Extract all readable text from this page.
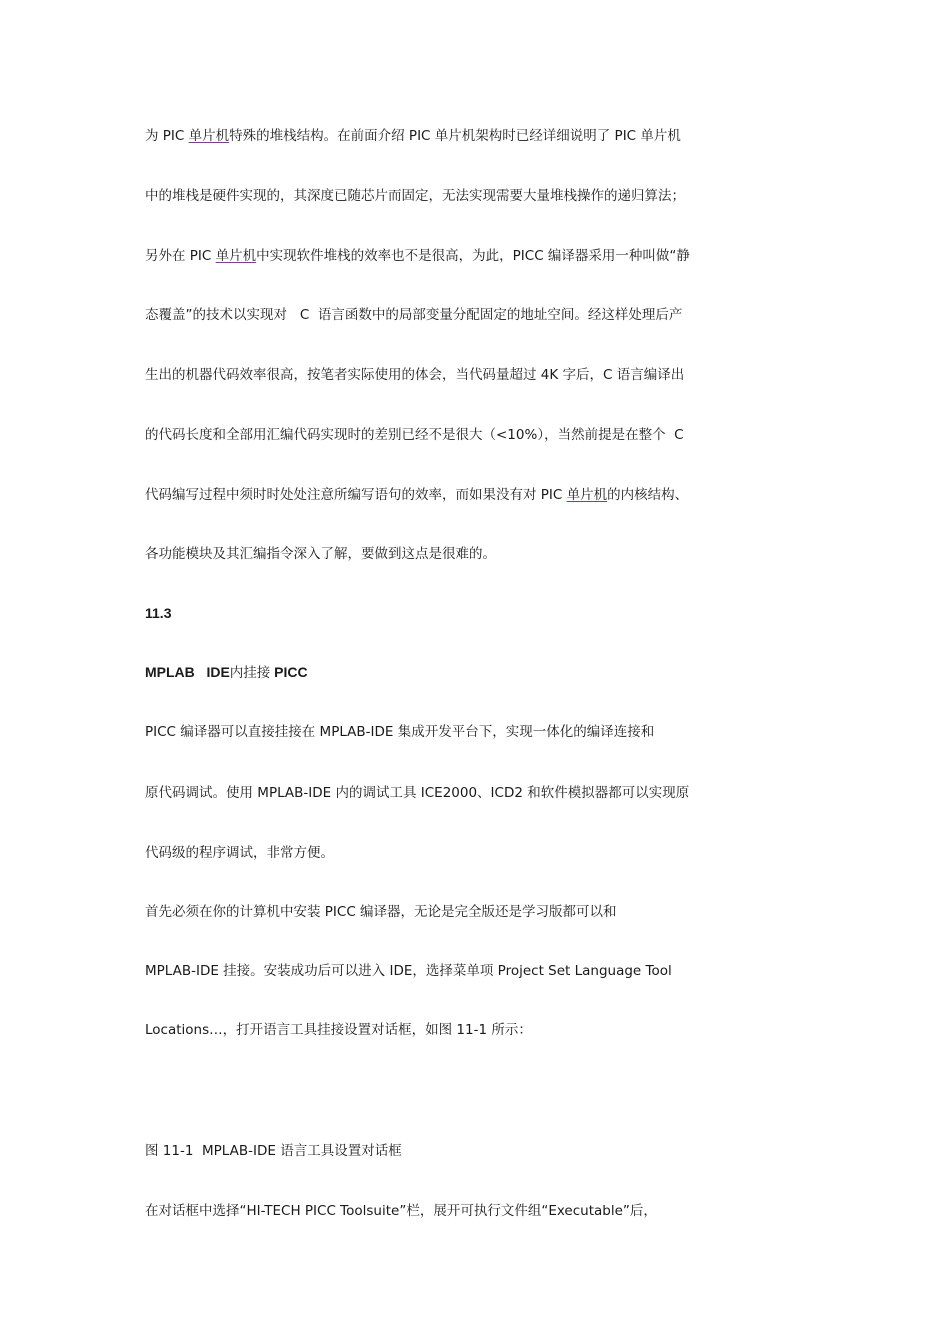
为 PIC 单片机特殊的堆栈结构。在前面介绍 PIC 单片机架构时已经详细说明了 PIC 单片机
中的堆栈是硬件实现的，其深度已随芯片而固定，无法实现需要大量堆栈操作的递归算法；
另外在 PIC 单片机中实现软件堆栈的效率也不是很高，为此，PICC 编译器采用一种叫做“静
态覆盖”的技术以实现对   C  语言函数中的局部变量分配固定的地址空间。经这样处理后产
生出的机器代码效率很高，按笔者实际使用的体会，当代码量超过 4K 字后，C 语言编译出
的代码长度和全部用汇编代码实现时的差别已经不是很大（<10%），当然前提是在整个  C
代码编写过程中须时时处处注意所编写语句的效率，而如果没有对 PIC 单片机的内核结构、
各功能模块及其汇编指令深入了解，要做到这点是很难的。
11.3
MPLAB   IDE内挂接 PICC
PICC 编译器可以直接挂接在 MPLAB-IDE 集成开发平台下，实现一体化的编译连接和
原代码调试。使用 MPLAB-IDE 内的调试工具 ICE2000、ICD2 和软件模拟器都可以实现原
代码级的程序调试，非常方便。
首先必须在你的计算机中安装 PICC 编译器，无论是完全版还是学习版都可以和
MPLAB-IDE 挂接。安装成功后可以进入 IDE，选择菜单项 Project Set Language Tool
Locations…，打开语言工具挂接设置对话框，如图 11-1 所示：
图 11-1  MPLAB-IDE 语言工具设置对话框
在对话框中选择“HI-TECH PICC Toolsuite”栏，展开可执行文件组“Executable”后，
